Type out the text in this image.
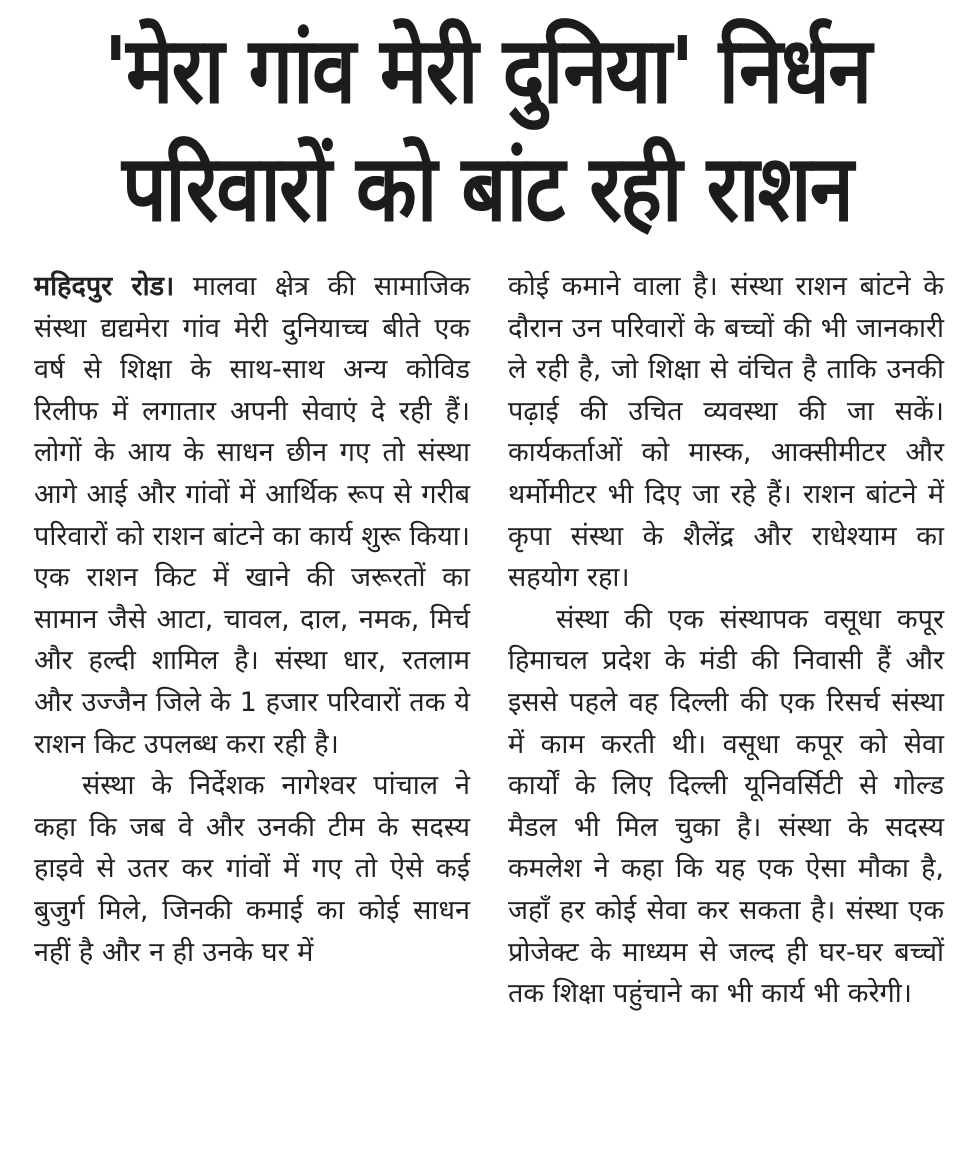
'मेरा गांव मेरी दुनिया' निर्धन
परिवारों को बांट रही राशन

महिदपुर रोड। मालवा क्षेत्र की सामाजिक संस्था द्यद्यमेरा गांव मेरी दुनियाच्च बीते एक वर्ष से शिक्षा के साथ-साथ अन्य कोविड रिलीफ में लगातार अपनी सेवाएं दे रही हैं। लोगों के आय के साधन छीन गए तो संस्था आगे आई और गांवों में आर्थिक रूप से गरीब परिवारों को राशन बांटने का कार्य शुरू किया। एक राशन किट में खाने की जरूरतों का सामान जैसे आटा, चावल, दाल, नमक, मिर्च और हल्दी शामिल है। संस्था धार, रतलाम और उज्जैन जिले के 1 हजार परिवारों तक ये राशन किट उपलब्ध करा रही है।

संस्था के निर्देशक नागेश्वर पांचाल ने कहा कि जब वे और उनकी टीम के सदस्य हाइवे से उतर कर गांवों में गए तो ऐसे कई बुजुर्ग मिले, जिनकी कमाई का कोई साधन नहीं है और न ही उनके घर में

कोई कमाने वाला है। संस्था राशन बांटने के दौरान उन परिवारों के बच्चों की भी जानकारी ले रही है, जो शिक्षा से वंचित है ताकि उनकी पढ़ाई की उचित व्यवस्था की जा सकें। कार्यकर्ताओं को मास्क, आक्सीमीटर और थर्मोमीटर भी दिए जा रहे हैं। राशन बांटने में कृपा संस्था के शैलेंद्र और राधेश्याम का सहयोग रहा।

संस्था की एक संस्थापक वसूधा कपूर हिमाचल प्रदेश के मंडी की निवासी हैं और इससे पहले वह दिल्ली की एक रिसर्च संस्था में काम करती थी। वसूधा कपूर को सेवा कार्यों के लिए दिल्ली यूनिवर्सिटी से गोल्ड मैडल भी मिल चुका है। संस्था के सदस्य कमलेश ने कहा कि यह एक ऐसा मौका है, जहाँ हर कोई सेवा कर सकता है। संस्था एक प्रोजेक्ट के माध्यम से जल्द ही घर-घर बच्चों तक शिक्षा पहुंचाने का भी कार्य भी करेगी।
